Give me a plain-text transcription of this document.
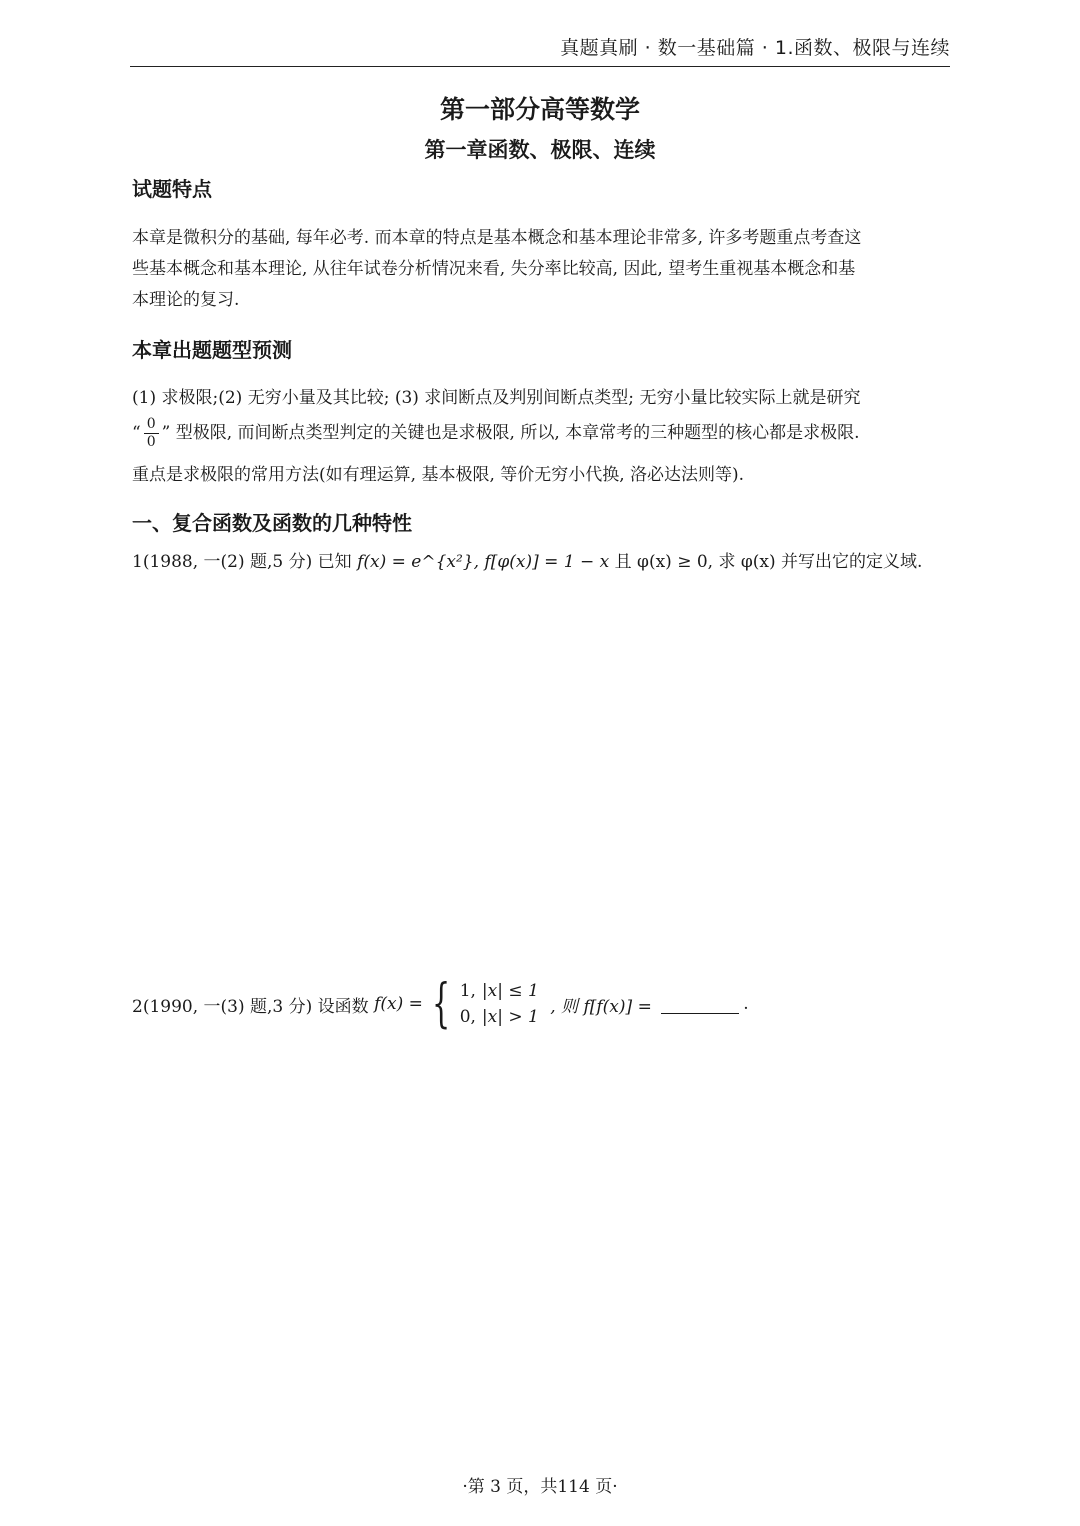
真题真刷 · 数一基础篇 · 1.函数、极限与连续
第一部分高等数学
第一章函数、极限、连续
试题特点
本章是微积分的基础, 每年必考. 而本章的特点是基本概念和基本理论非常多, 许多考题重点考查这
些基本概念和基本理论, 从往年试卷分析情况来看, 失分率比较高, 因此, 望考生重视基本概念和基
本理论的复习.
本章出题题型预测
(1) 求极限;(2) 无穷小量及其比较; (3) 求间断点及判别间断点类型; 无穷小量比较实际上就是研究
“ $\frac{0}{0}$ ” 型极限, 而间断点类型判定的关键也是求极限, 所以, 本章常考的三种题型的核心都是求极限.
重点是求极限的常用方法(如有理运算, 基本极限, 等价无穷小代换, 洛必达法则等).
一、复合函数及函数的几种特性
1(1988, 一(2) 题,5 分) 已知 f(x) = e^{x²}, f[φ(x)] = 1 − x 且 φ(x) ≥ 0, 求 φ(x) 并写出它的定义域.
2(1990, 一(3) 题,3 分) 设函数 f(x) = { 1,	|x| ≤ 1
0,	|x| > 1 , 则 f[f(x)] =	.
·第 3 页，共114 页·
